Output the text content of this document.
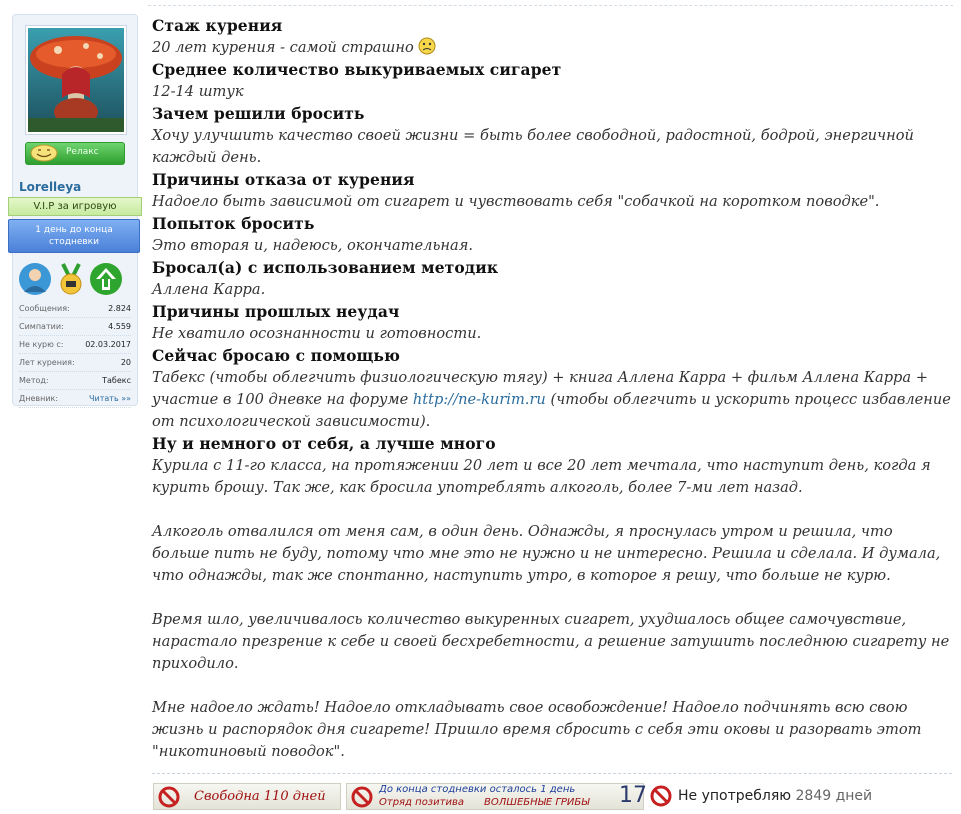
Релакс
Lorelleya
V.I.P за игровую
1 день до конца стодневки
Сообщения:	2.824
Симпатии:	4.559
Не курю с:	02.03.2017
Лет курения:	20
Метод:	Табекс
Дневник:	Читать »»
Стаж курения
20 лет курения - самой страшно
Среднее количество выкуриваемых сигарет
12-14 штук
Зачем решили бросить
Хочу улучшить качество своей жизни = быть более свободной, радостной, бодрой, энергичной каждый день.
Причины отказа от курения
Надоело быть зависимой от сигарет и чувствовать себя "собачкой на коротком поводке".
Попыток бросить
Это вторая и, надеюсь, окончательная.
Бросал(а) с использованием методик
Аллена Карра.
Причины прошлых неудач
Не хватило осознанности и готовности.
Сейчас бросаю с помощью
Табекс (чтобы облегчить физиологическую тягу) + книга Аллена Карра + фильм Аллена Карра + участие в 100 дневке на форуме http://ne-kurim.ru (чтобы облегчить и ускорить процесс избавление от психологической зависимости).
Ну и немного от себя, а лучше много

Курила с 11-го класса, на протяжении 20 лет и все 20 лет мечтала, что наступит день, когда я курить брошу. Так же, как бросила употреблять алкоголь, более 7-ми лет назад.

Алкоголь отвалился от меня сам, в один день. Однажды, я проснулась утром и решила, что больше пить не буду, потому что мне это не нужно и не интересно. Решила и сделала. И думала, что однажды, так же спонтанно, наступить утро, в которое я решу, что больше не курю.

Время шло, увеличивалось количество выкуренных сигарет, ухудшалось общее самочувствие, нарастало презрение к себе и своей бесхребетности, а решение затушить последнюю сигарету не приходило.

Мне надоело ждать! Надоело откладывать свое освобождение! Надоело подчинять всю свою жизнь и распорядок дня сигарете! Пришло время сбросить с себя эти оковы и разорвать этот "никотиновый поводок".

Свободна 110 дней	До конца стодневки осталось 1 день
Отряд позитива ВОЛШЕБНЫЕ ГРИБЫ 17 Не употребляю 2849 дней
